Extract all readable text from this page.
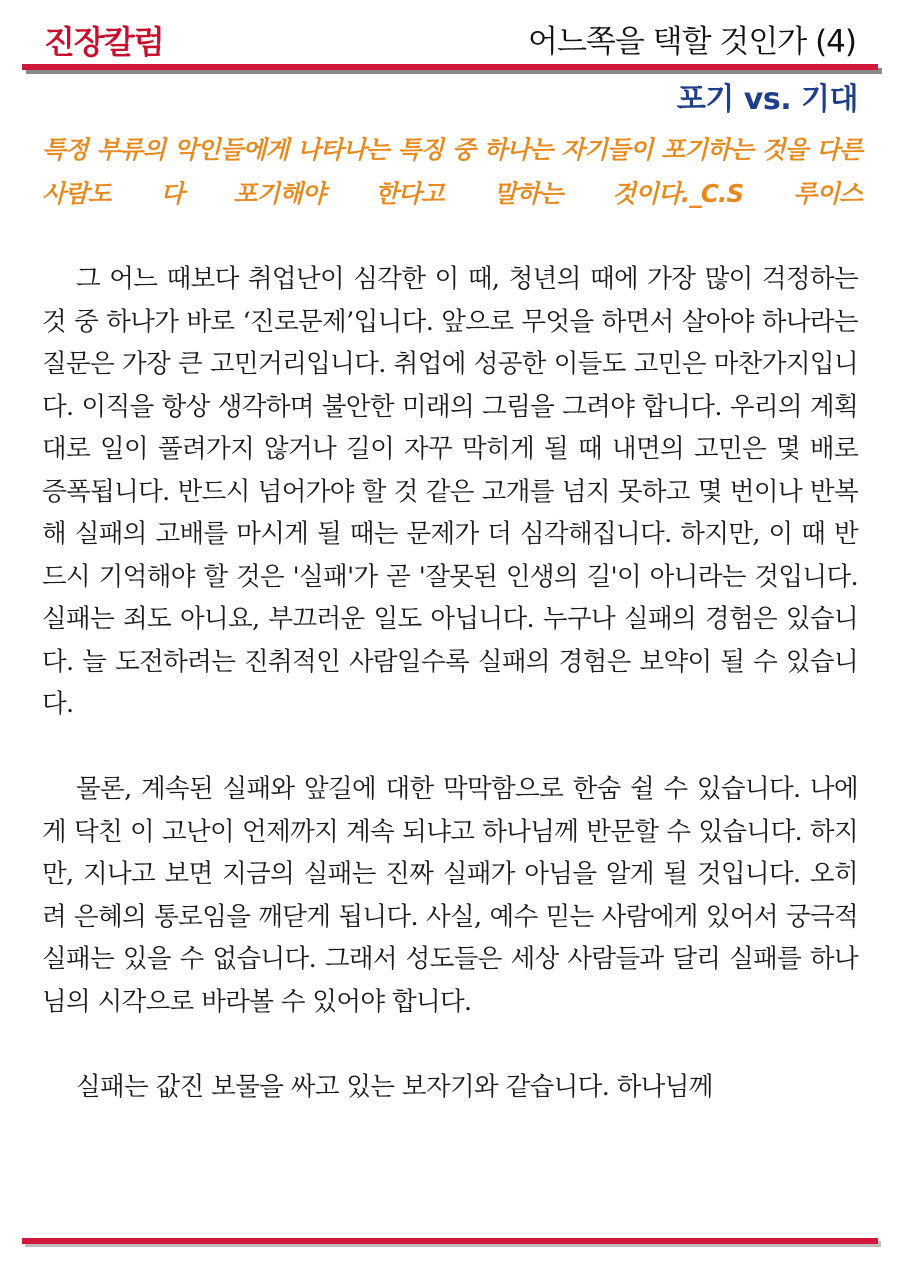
진장칼럼	어느쪽을 택할 것인가 (4)
포기 vs. 기대
특정 부류의 악인들에게 나타나는 특징 중 하나는 자기들이 포기하는 것을 다른 사람도 다 포기해야 한다고 말하는 것이다._C.S 루이스

그 어느 때보다 취업난이 심각한 이 때, 청년의 때에 가장 많이 걱정하는 것 중 하나가 바로 ‘진로문제’입니다. 앞으로 무엇을 하면서 살아야 하나라는 질문은 가장 큰 고민거리입니다. 취업에 성공한 이들도 고민은 마찬가지입니다. 이직을 항상 생각하며 불안한 미래의 그림을 그려야 합니다. 우리의 계획대로 일이 풀려가지 않거나 길이 자꾸 막히게 될 때 내면의 고민은 몇 배로 증폭됩니다. 반드시 넘어가야 할 것 같은 고개를 넘지 못하고 몇 번이나 반복해 실패의 고배를 마시게 될 때는 문제가 더 심각해집니다. 하지만, 이 때 반드시 기억해야 할 것은 '실패'가 곧 '잘못된 인생의 길'이 아니라는 것입니다. 실패는 죄도 아니요, 부끄러운 일도 아닙니다. 누구나 실패의 경험은 있습니다. 늘 도전하려는 진취적인 사람일수록 실패의 경험은 보약이 될 수 있습니다.

물론, 계속된 실패와 앞길에 대한 막막함으로 한숨 쉴 수 있습니다. 나에게 닥친 이 고난이 언제까지 계속 되냐고 하나님께 반문할 수 있습니다. 하지만, 지나고 보면 지금의 실패는 진짜 실패가 아님을 알게 될 것입니다. 오히려 은혜의 통로임을 깨닫게 됩니다. 사실, 예수 믿는 사람에게 있어서 궁극적 실패는 있을 수 없습니다. 그래서 성도들은 세상 사람들과 달리 실패를 하나님의 시각으로 바라볼 수 있어야 합니다.

실패는 값진 보물을 싸고 있는 보자기와 같습니다. 하나님께
